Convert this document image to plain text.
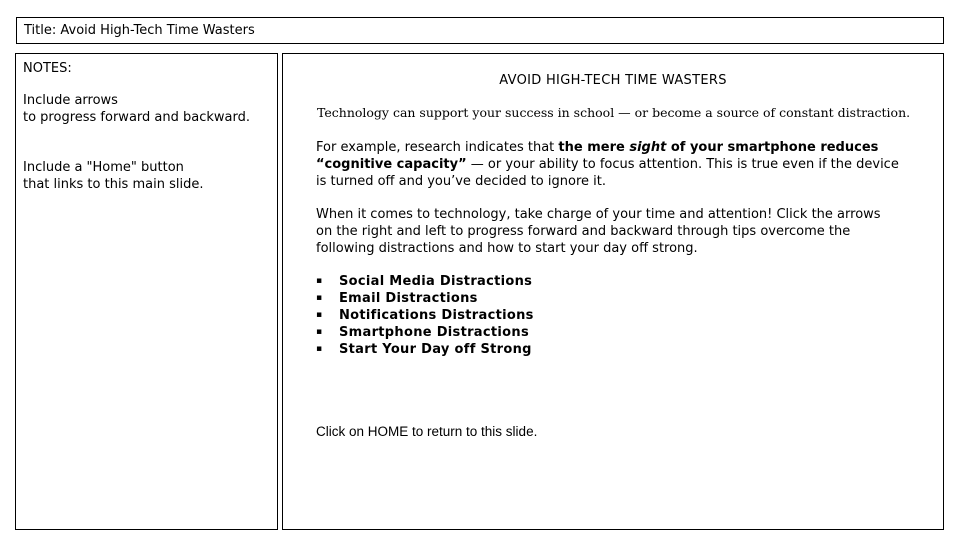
Title: Avoid High-Tech Time Wasters
NOTES:
Include arrows
to progress forward and backward.
Include a "Home" button
that links to this main slide.
AVOID HIGH-TECH TIME WASTERS
Technology can support your success in school — or become a source of constant distraction.
For example, research indicates that the mere sight of your smartphone reduces
“cognitive capacity” — or your ability to focus attention. This is true even if the device
is turned off and you’ve decided to ignore it.
When it comes to technology, take charge of your time and attention! Click the arrows
on the right and left to progress forward and backward through tips overcome the
following distractions and how to start your day off strong.
▪ Social Media Distractions
▪ Email Distractions
▪ Notifications Distractions
▪ Smartphone Distractions
▪ Start Your Day off Strong
Click on HOME to return to this slide.
